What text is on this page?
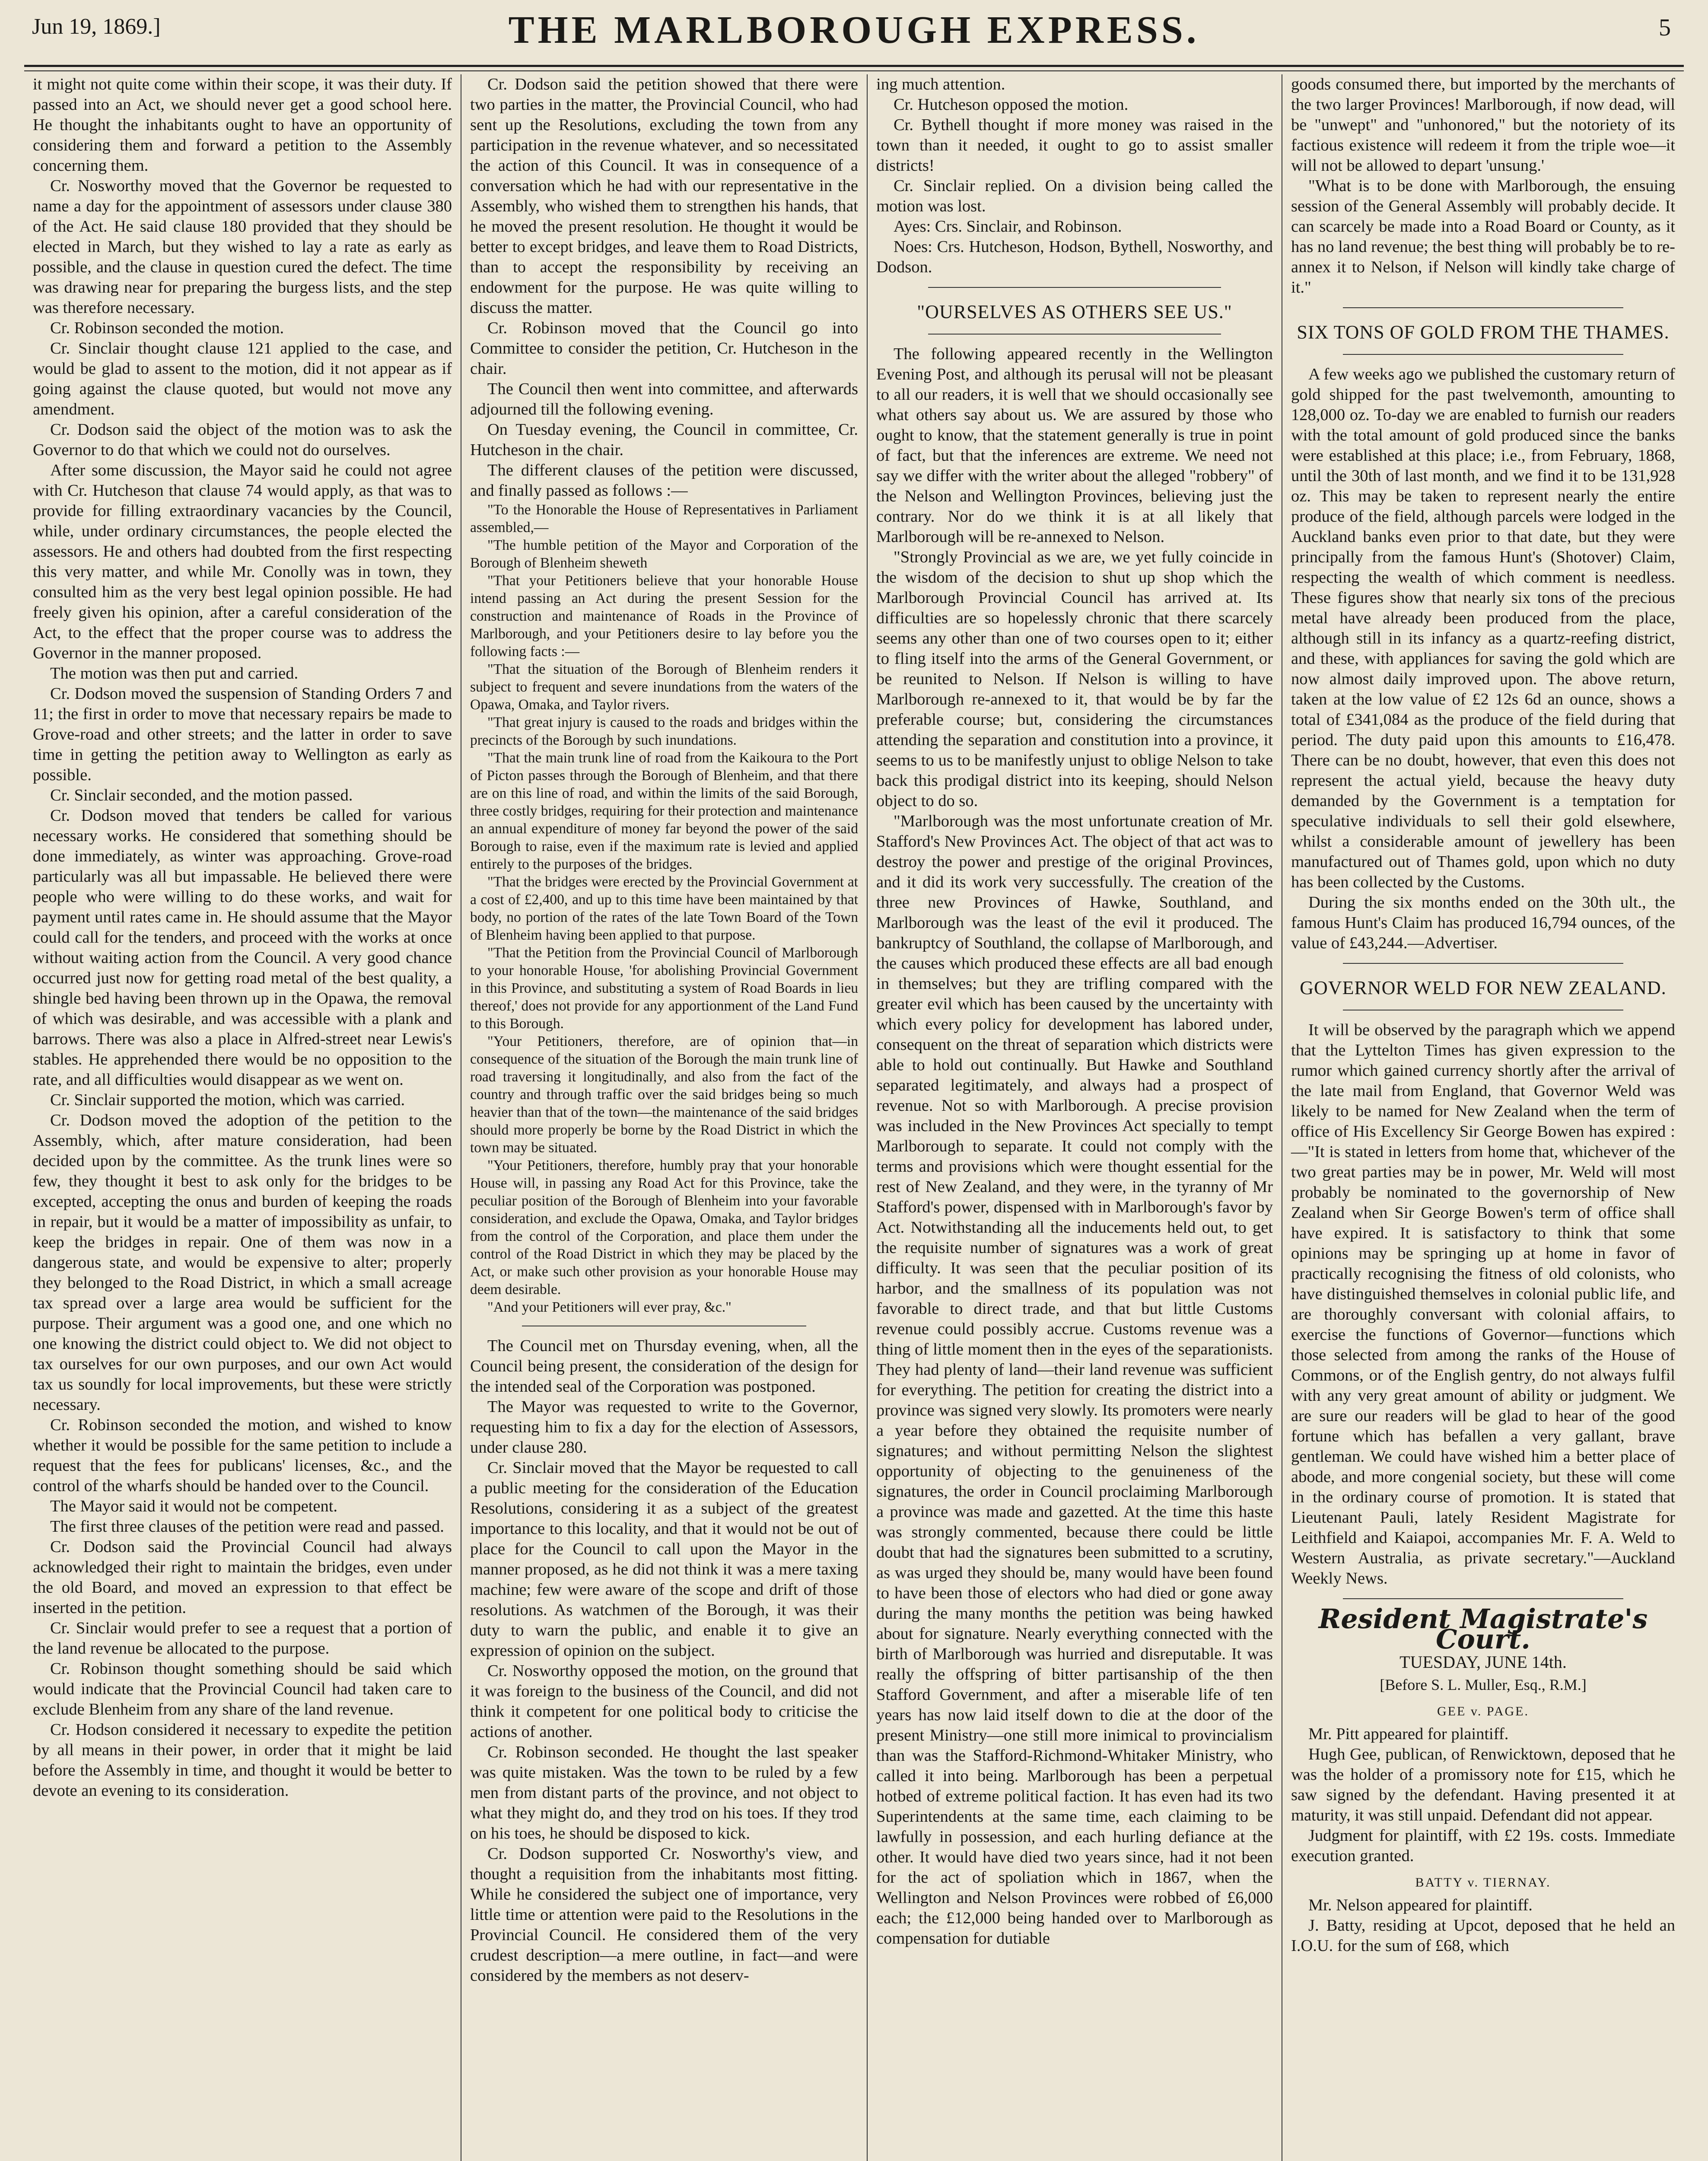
Jun 19, 1869.]	THE MARLBOROUGH EXPRESS.	5

it might not quite come within their scope, it was their duty. If passed into an Act, we should never get a good school here. He thought the inhabitants ought to have an opportunity of considering them and forward a petition to the Assembly concerning them.

Cr. Nosworthy moved that the Governor be requested to name a day for the appointment of assessors under clause 380 of the Act. He said clause 180 provided that they should be elected in March, but they wished to lay a rate as early as possible, and the clause in question cured the defect. The time was drawing near for preparing the burgess lists, and the step was therefore necessary.

Cr. Robinson seconded the motion.

Cr. Sinclair thought clause 121 applied to the case, and would be glad to assent to the motion, did it not appear as if going against the clause quoted, but would not move any amendment.

Cr. Dodson said the object of the motion was to ask the Governor to do that which we could not do ourselves.

After some discussion, the Mayor said he could not agree with Cr. Hutcheson that clause 74 would apply, as that was to provide for filling extraordinary vacancies by the Council, while, under ordinary circumstances, the people elected the assessors. He and others had doubted from the first respecting this very matter, and while Mr. Conolly was in town, they consulted him as the very best legal opinion possible. He had freely given his opinion, after a careful consideration of the Act, to the effect that the proper course was to address the Governor in the manner proposed.

The motion was then put and carried.

Cr. Dodson moved the suspension of Standing Orders 7 and 11; the first in order to move that necessary repairs be made to Grove-road and other streets; and the latter in order to save time in getting the petition away to Wellington as early as possible.

Cr. Sinclair seconded, and the motion passed.

Cr. Dodson moved that tenders be called for various necessary works. He considered that something should be done immediately, as winter was approaching. Grove-road particularly was all but impassable. He believed there were people who were willing to do these works, and wait for payment until rates came in. He should assume that the Mayor could call for the tenders, and proceed with the works at once without waiting action from the Council. A very good chance occurred just now for getting road metal of the best quality, a shingle bed having been thrown up in the Opawa, the removal of which was desirable, and was accessible with a plank and barrows. There was also a place in Alfred-street near Lewis's stables. He apprehended there would be no opposition to the rate, and all difficulties would disappear as we went on.

Cr. Sinclair supported the motion, which was carried.

Cr. Dodson moved the adoption of the petition to the Assembly, which, after mature consideration, had been decided upon by the committee. As the trunk lines were so few, they thought it best to ask only for the bridges to be excepted, accepting the onus and burden of keeping the roads in repair, but it would be a matter of impossibility as unfair, to keep the bridges in repair. One of them was now in a dangerous state, and would be expensive to alter; properly they belonged to the Road District, in which a small acreage tax spread over a large area would be sufficient for the purpose. Their argument was a good one, and one which no one knowing the district could object to. We did not object to tax ourselves for our own purposes, and our own Act would tax us soundly for local improvements, but these were strictly necessary.

Cr. Robinson seconded the motion, and wished to know whether it would be possible for the same petition to include a request that the fees for publicans' licenses, &c., and the control of the wharfs should be handed over to the Council.

The Mayor said it would not be competent.

The first three clauses of the petition were read and passed.

Cr. Dodson said the Provincial Council had always acknowledged their right to maintain the bridges, even under the old Board, and moved an expression to that effect be inserted in the petition.

Cr. Sinclair would prefer to see a request that a portion of the land revenue be allocated to the purpose.

Cr. Robinson thought something should be said which would indicate that the Provincial Council had taken care to exclude Blenheim from any share of the land revenue.

Cr. Hodson considered it necessary to expedite the petition by all means in their power, in order that it might be laid before the Assembly in time, and thought it would be better to devote an evening to its consideration.

Cr. Dodson said the petition showed that there were two parties in the matter, the Provincial Council, who had sent up the Resolutions, excluding the town from any participation in the revenue whatever, and so necessitated the action of this Council. It was in consequence of a conversation which he had with our representative in the Assembly, who wished them to strengthen his hands, that he moved the present resolution. He thought it would be better to except bridges, and leave them to Road Districts, than to accept the responsibility by receiving an endowment for the purpose. He was quite willing to discuss the matter.

Cr. Robinson moved that the Council go into Committee to consider the petition, Cr. Hutcheson in the chair.

The Council then went into committee, and afterwards adjourned till the following evening.

On Tuesday evening, the Council in committee, Cr. Hutcheson in the chair.

The different clauses of the petition were discussed, and finally passed as follows :—

"To the Honorable the House of Representatives in Parliament assembled,—

"The humble petition of the Mayor and Corporation of the Borough of Blenheim sheweth

"That your Petitioners believe that your honorable House intend passing an Act during the present Session for the construction and maintenance of Roads in the Province of Marlborough, and your Petitioners desire to lay before you the following facts :—

"That the situation of the Borough of Blenheim renders it subject to frequent and severe inundations from the waters of the Opawa, Omaka, and Taylor rivers.

"That great injury is caused to the roads and bridges within the precincts of the Borough by such inundations.

"That the main trunk line of road from the Kaikoura to the Port of Picton passes through the Borough of Blenheim, and that there are on this line of road, and within the limits of the said Borough, three costly bridges, requiring for their protection and maintenance an annual expenditure of money far beyond the power of the said Borough to raise, even if the maximum rate is levied and applied entirely to the purposes of the bridges.

"That the bridges were erected by the Provincial Government at a cost of £2,400, and up to this time have been maintained by that body, no portion of the rates of the late Town Board of the Town of Blenheim having been applied to that purpose.

"That the Petition from the Provincial Council of Marlborough to your honorable House, 'for abolishing Provincial Government in this Province, and substituting a system of Road Boards in lieu thereof,' does not provide for any apportionment of the Land Fund to this Borough.

"Your Petitioners, therefore, are of opinion that—in consequence of the situation of the Borough the main trunk line of road traversing it longitudinally, and also from the fact of the country and through traffic over the said bridges being so much heavier than that of the town—the maintenance of the said bridges should more properly be borne by the Road District in which the town may be situated.

"Your Petitioners, therefore, humbly pray that your honorable House will, in passing any Road Act for this Province, take the peculiar position of the Borough of Blenheim into your favorable consideration, and exclude the Opawa, Omaka, and Taylor bridges from the control of the Corporation, and place them under the control of the Road District in which they may be placed by the Act, or make such other provision as your honorable House may deem desirable.

"And your Petitioners will ever pray, &c."

The Council met on Thursday evening, when, all the Council being present, the consideration of the design for the intended seal of the Corporation was postponed.

The Mayor was requested to write to the Governor, requesting him to fix a day for the election of Assessors, under clause 280.

Cr. Sinclair moved that the Mayor be requested to call a public meeting for the consideration of the Education Resolutions, considering it as a subject of the greatest importance to this locality, and that it would not be out of place for the Council to call upon the Mayor in the manner proposed, as he did not think it was a mere taxing machine; few were aware of the scope and drift of those resolutions. As watchmen of the Borough, it was their duty to warn the public, and enable it to give an expression of opinion on the subject.

Cr. Nosworthy opposed the motion, on the ground that it was foreign to the business of the Council, and did not think it competent for one political body to criticise the actions of another.

Cr. Robinson seconded. He thought the last speaker was quite mistaken. Was the town to be ruled by a few men from distant parts of the province, and not object to what they might do, and they trod on his toes. If they trod on his toes, he should be disposed to kick.

Cr. Dodson supported Cr. Nosworthy's view, and thought a requisition from the inhabitants most fitting. While he considered the subject one of importance, very little time or attention were paid to the Resolutions in the Provincial Council. He considered them of the very crudest description—a mere outline, in fact—and were considered by the members as not deserv-

ing much attention.

Cr. Hutcheson opposed the motion.

Cr. Bythell thought if more money was raised in the town than it needed, it ought to go to assist smaller districts!

Cr. Sinclair replied. On a division being called the motion was lost.

Ayes: Crs. Sinclair, and Robinson.

Noes: Crs. Hutcheson, Hodson, Bythell, Nosworthy, and Dodson.

"OURSELVES AS OTHERS SEE US."

The following appeared recently in the Wellington Evening Post, and although its perusal will not be pleasant to all our readers, it is well that we should occasionally see what others say about us. We are assured by those who ought to know, that the statement generally is true in point of fact, but that the inferences are extreme. We need not say we differ with the writer about the alleged "robbery" of the Nelson and Wellington Provinces, believing just the contrary. Nor do we think it is at all likely that Marlborough will be re-annexed to Nelson.

"Strongly Provincial as we are, we yet fully coincide in the wisdom of the decision to shut up shop which the Marlborough Provincial Council has arrived at. Its difficulties are so hopelessly chronic that there scarcely seems any other than one of two courses open to it; either to fling itself into the arms of the General Government, or be reunited to Nelson. If Nelson is willing to have Marlborough re-annexed to it, that would be by far the preferable course; but, considering the circumstances attending the separation and constitution into a province, it seems to us to be manifestly unjust to oblige Nelson to take back this prodigal district into its keeping, should Nelson object to do so.

"Marlborough was the most unfortunate creation of Mr. Stafford's New Provinces Act. The object of that act was to destroy the power and prestige of the original Provinces, and it did its work very successfully. The creation of the three new Provinces of Hawke, Southland, and Marlborough was the least of the evil it produced. The bankruptcy of Southland, the collapse of Marlborough, and the causes which produced these effects are all bad enough in themselves; but they are trifling compared with the greater evil which has been caused by the uncertainty with which every policy for development has labored under, consequent on the threat of separation which districts were able to hold out continually. But Hawke and Southland separated legitimately, and always had a prospect of revenue. Not so with Marlborough. A precise provision was included in the New Provinces Act specially to tempt Marlborough to separate. It could not comply with the terms and provisions which were thought essential for the rest of New Zealand, and they were, in the tyranny of Mr Stafford's power, dispensed with in Marlborough's favor by Act. Notwithstanding all the inducements held out, to get the requisite number of signatures was a work of great difficulty. It was seen that the peculiar position of its harbor, and the smallness of its population was not favorable to direct trade, and that but little Customs revenue could possibly accrue. Customs revenue was a thing of little moment then in the eyes of the separationists. They had plenty of land—their land revenue was sufficient for everything. The petition for creating the district into a province was signed very slowly. Its promoters were nearly a year before they obtained the requisite number of signatures; and without permitting Nelson the slightest opportunity of objecting to the genuineness of the signatures, the order in Council proclaiming Marlborough a province was made and gazetted. At the time this haste was strongly commented, because there could be little doubt that had the signatures been submitted to a scrutiny, as was urged they should be, many would have been found to have been those of electors who had died or gone away during the many months the petition was being hawked about for signature. Nearly everything connected with the birth of Marlborough was hurried and disreputable. It was really the offspring of bitter partisanship of the then Stafford Government, and after a miserable life of ten years has now laid itself down to die at the door of the present Ministry—one still more inimical to provincialism than was the Stafford-Richmond-Whitaker Ministry, who called it into being. Marlborough has been a perpetual hotbed of extreme political faction. It has even had its two Superintendents at the same time, each claiming to be lawfully in possession, and each hurling defiance at the other. It would have died two years since, had it not been for the act of spoliation which in 1867, when the Wellington and Nelson Provinces were robbed of £6,000 each; the £12,000 being handed over to Marlborough as compensation for dutiable

goods consumed there, but imported by the merchants of the two larger Provinces! Marlborough, if now dead, will be "unwept" and "unhonored," but the notoriety of its factious existence will redeem it from the triple woe—it will not be allowed to depart 'unsung.'

"What is to be done with Marlborough, the ensuing session of the General Assembly will probably decide. It can scarcely be made into a Road Board or County, as it has no land revenue; the best thing will probably be to re-annex it to Nelson, if Nelson will kindly take charge of it."

SIX TONS OF GOLD FROM THE THAMES.

A few weeks ago we published the customary return of gold shipped for the past twelvemonth, amounting to 128,000 oz. To-day we are enabled to furnish our readers with the total amount of gold produced since the banks were established at this place; i.e., from February, 1868, until the 30th of last month, and we find it to be 131,928 oz. This may be taken to represent nearly the entire produce of the field, although parcels were lodged in the Auckland banks even prior to that date, but they were principally from the famous Hunt's (Shotover) Claim, respecting the wealth of which comment is needless. These figures show that nearly six tons of the precious metal have already been produced from the place, although still in its infancy as a quartz-reefing district, and these, with appliances for saving the gold which are now almost daily improved upon. The above return, taken at the low value of £2 12s 6d an ounce, shows a total of £341,084 as the produce of the field during that period. The duty paid upon this amounts to £16,478. There can be no doubt, however, that even this does not represent the actual yield, because the heavy duty demanded by the Government is a temptation for speculative individuals to sell their gold elsewhere, whilst a considerable amount of jewellery has been manufactured out of Thames gold, upon which no duty has been collected by the Customs.

During the six months ended on the 30th ult., the famous Hunt's Claim has produced 16,794 ounces, of the value of £43,244.—Advertiser.

GOVERNOR WELD FOR NEW ZEALAND.

It will be observed by the paragraph which we append that the Lyttelton Times has given expression to the rumor which gained currency shortly after the arrival of the late mail from England, that Governor Weld was likely to be named for New Zealand when the term of office of His Excellency Sir George Bowen has expired :—"It is stated in letters from home that, whichever of the two great parties may be in power, Mr. Weld will most probably be nominated to the governorship of New Zealand when Sir George Bowen's term of office shall have expired. It is satisfactory to think that some opinions may be springing up at home in favor of practically recognising the fitness of old colonists, who have distinguished themselves in colonial public life, and are thoroughly conversant with colonial affairs, to exercise the functions of Governor—functions which those selected from among the ranks of the House of Commons, or of the English gentry, do not always fulfil with any very great amount of ability or judgment. We are sure our readers will be glad to hear of the good fortune which has befallen a very gallant, brave gentleman. We could have wished him a better place of abode, and more congenial society, but these will come in the ordinary course of promotion. It is stated that Lieutenant Pauli, lately Resident Magistrate for Leithfield and Kaiapoi, accompanies Mr. F. A. Weld to Western Australia, as private secretary."—Auckland Weekly News.

Resident Magistrate's Court.
TUESDAY, JUNE 14th.
[Before S. L. Muller, Esq., R.M.]
GEE v. PAGE.

Mr. Pitt appeared for plaintiff.

Hugh Gee, publican, of Renwicktown, deposed that he was the holder of a promissory note for £15, which he saw signed by the defendant. Having presented it at maturity, it was still unpaid. Defendant did not appear.

Judgment for plaintiff, with £2 19s. costs. Immediate execution granted.

BATTY v. TIERNAY.

Mr. Nelson appeared for plaintiff.

J. Batty, residing at Upcot, deposed that he held an I.O.U. for the sum of £68, which
